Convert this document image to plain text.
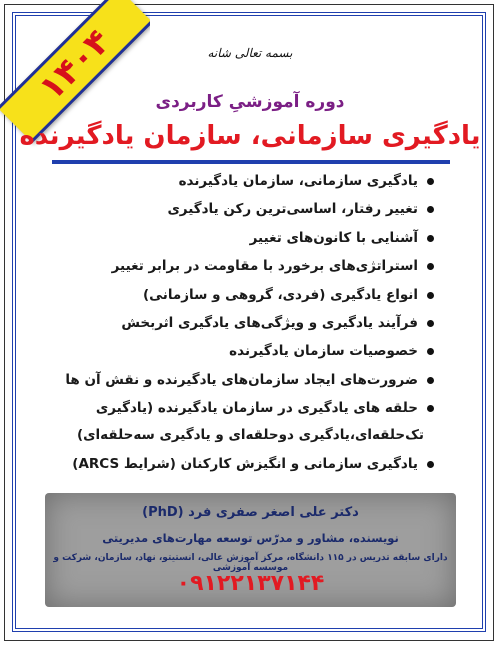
۱۴۰۴	بسمه تعالی شانه
دوره آموزشیِ کاربردی
یادگیری سازمانی، سازمان یادگیرنده
یادگیری سازمانی، سازمان یادگیرنده
تغییر رفتار، اساسی‌ترین رکن یادگیری
آشنایی با کانون‌های تغییر
استراتژی‌های برخورد با مقاومت در برابر تغییر
انواع یادگیری (فردی، گروهی و سازمانی)
فرآیند یادگیری و ویژگی‌های یادگیری اثربخش
خصوصیات سازمان یادگیرنده
ضرورت‌های ایجاد سازمان‌های یادگیرنده و نقش آن ها
حلقه های یادگیری در سازمان یادگیرنده (یادگیری
تک‌حلقه‌ای،یادگیری دوحلقه‌ای و یادگیری سه‌حلقه‌ای)
یادگیری سازمانی و انگیزش کارکنان (شرایط ARCS)
دکتر علی اصغر صفری فرد (PhD)
نویسنده، مشاور و مدرّس توسعه مهارت‌های مدیریتی
دارای سابقه تدریس در ۱۱۵ دانشگاه، مرکز آموزش عالی، انستیتو، نهاد، سازمان، شرکت و موسسه آموزشی
۰۹۱۲۲۱۳۷۱۴۴
